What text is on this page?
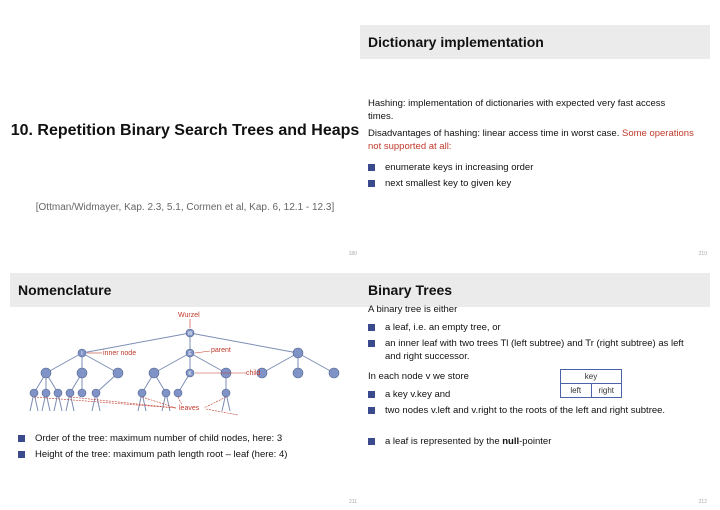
10. Repetition Binary Search Trees and Heaps
[Ottman/Widmayer, Kap. 2.3, 5.1, Cormen et al, Kap. 6, 12.1 - 12.3]
180
Dictionary implementation
Hashing: implementation of dictionaries with expected very fast access times.
Disadvantages of hashing: linear access time in worst case. Some operations not supported at all:
enumerate keys in increasing order
next smallest key to given key
210
Nomenclature
W
I	E
K
Wurzel
inner node	parent
child
leaves
Order of the tree: maximum number of child nodes, here: 3
Height of the tree: maximum path length root – leaf (here: 4)
211
Binary Trees
A binary tree is either
a leaf, i.e. an empty tree, or
an inner leaf with two trees Tl (left subtree) and Tr (right subtree) as left and right successor.
In each node v we store	key
left	right
a key v.key and
two nodes v.left and v.right to the roots of the left and right subtree.
a leaf is represented by the null-pointer
212
